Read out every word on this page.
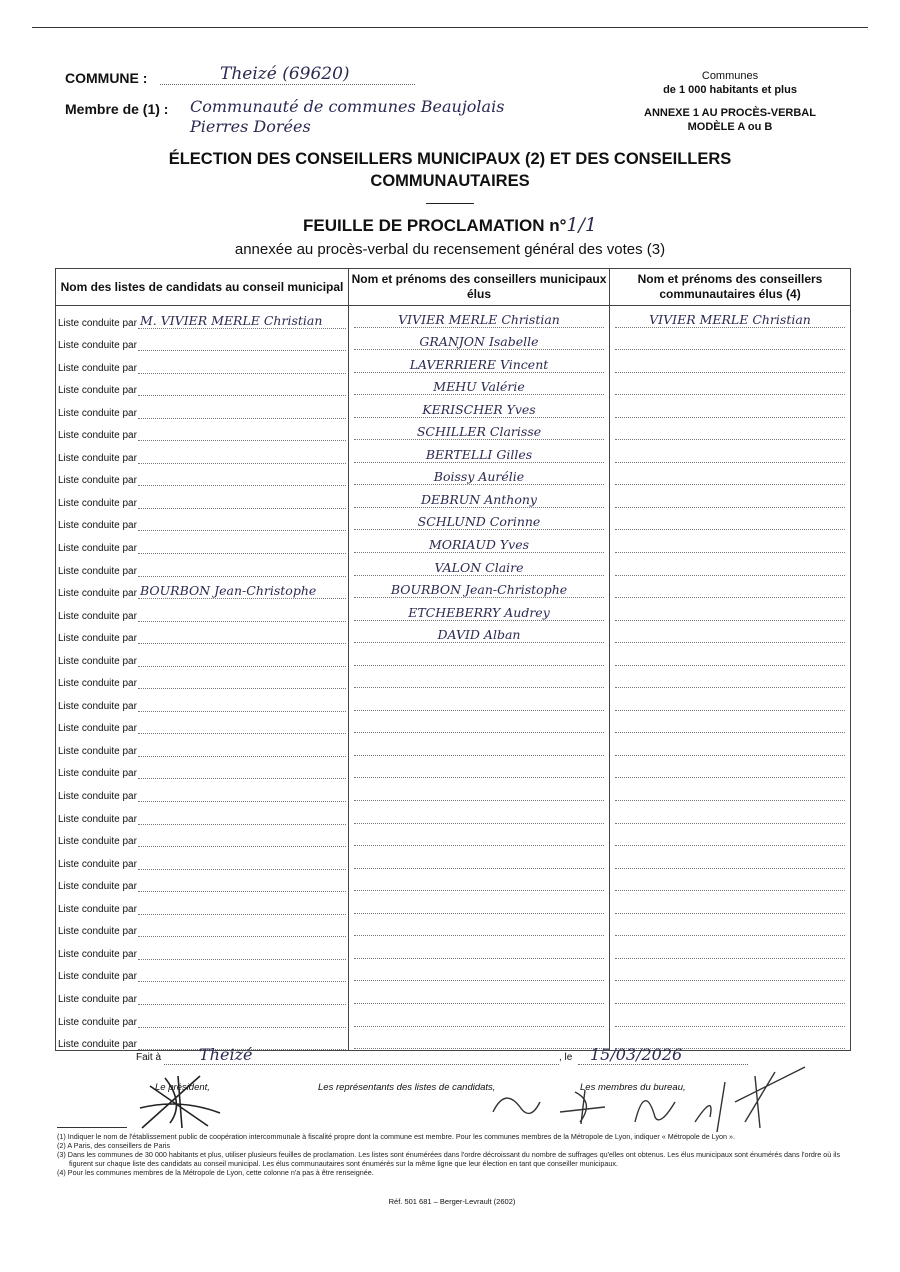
COMMUNE :	Theizé (69620)
Membre de (1) : Communauté de communes Beaujolais
Pierres Dorées
Communes
de 1 000 habitants et plus
ANNEXE 1 AU PROCÈS-VERBAL
MODÈLE A ou B
ÉLECTION DES CONSEILLERS MUNICIPAUX (2) ET DES CONSEILLERS
COMMUNAUTAIRES
FEUILLE DE PROCLAMATION n°1/1
annexée au procès-verbal du recensement général des votes (3)
Nom des listes de candidats au conseil municipal	Nom et prénoms des conseillers municipaux élus	Nom et prénoms des conseillers communautaires élus (4)

Liste conduite par M. VIVIER MERLE Christian	VIVIER MERLE Christian	VIVIER MERLE Christian

Liste conduite par	GRANJON Isabelle	

Liste conduite par	LAVERRIERE Vincent	

Liste conduite par	MEHU Valérie	

Liste conduite par	KERISCHER Yves	

Liste conduite par	SCHILLER Clarisse	

Liste conduite par	BERTELLI Gilles	

Liste conduite par	Boissy Aurélie	

Liste conduite par	DEBRUN Anthony	

Liste conduite par	SCHLUND Corinne	

Liste conduite par	MORIAUD Yves	

Liste conduite par	VALON Claire	

Liste conduite par BOURBON Jean-Christophe	BOURBON Jean-Christophe	

Liste conduite par	ETCHEBERRY Audrey	

Liste conduite par	DAVID Alban	

Liste conduite par		

Liste conduite par		

Liste conduite par		

Liste conduite par		

Liste conduite par		

Liste conduite par		

Liste conduite par		

Liste conduite par		

Liste conduite par		

Liste conduite par		

Liste conduite par		

Liste conduite par		

Liste conduite par		

Liste conduite par		

Liste conduite par		

Liste conduite par		

Liste conduite par		

Liste conduite par		

Fait à Theizé	, le 15/03/2026
Le président,	Les représentants des listes de candidats,	Les membres du bureau,

(1) Indiquer le nom de l'établissement public de coopération intercommunale à fiscalité propre dont la commune est membre. Pour les communes membres de la Métropole de Lyon, indiquer « Métropole de Lyon ».

(2) A Paris, des conseillers de Paris

(3) Dans les communes de 30 000 habitants et plus, utiliser plusieurs feuilles de proclamation. Les listes sont énumérées dans l'ordre décroissant du nombre de suffrages qu'elles ont obtenus. Les élus municipaux sont énumérés dans l'ordre où ils figurent sur chaque liste des candidats au conseil municipal. Les élus communautaires sont énumérés sur la même ligne que leur élection en tant que conseiller municipaux.

(4) Pour les communes membres de la Métropole de Lyon, cette colonne n'a pas à être renseignée.

Réf. 501 681 – Berger-Levrault (2602)
